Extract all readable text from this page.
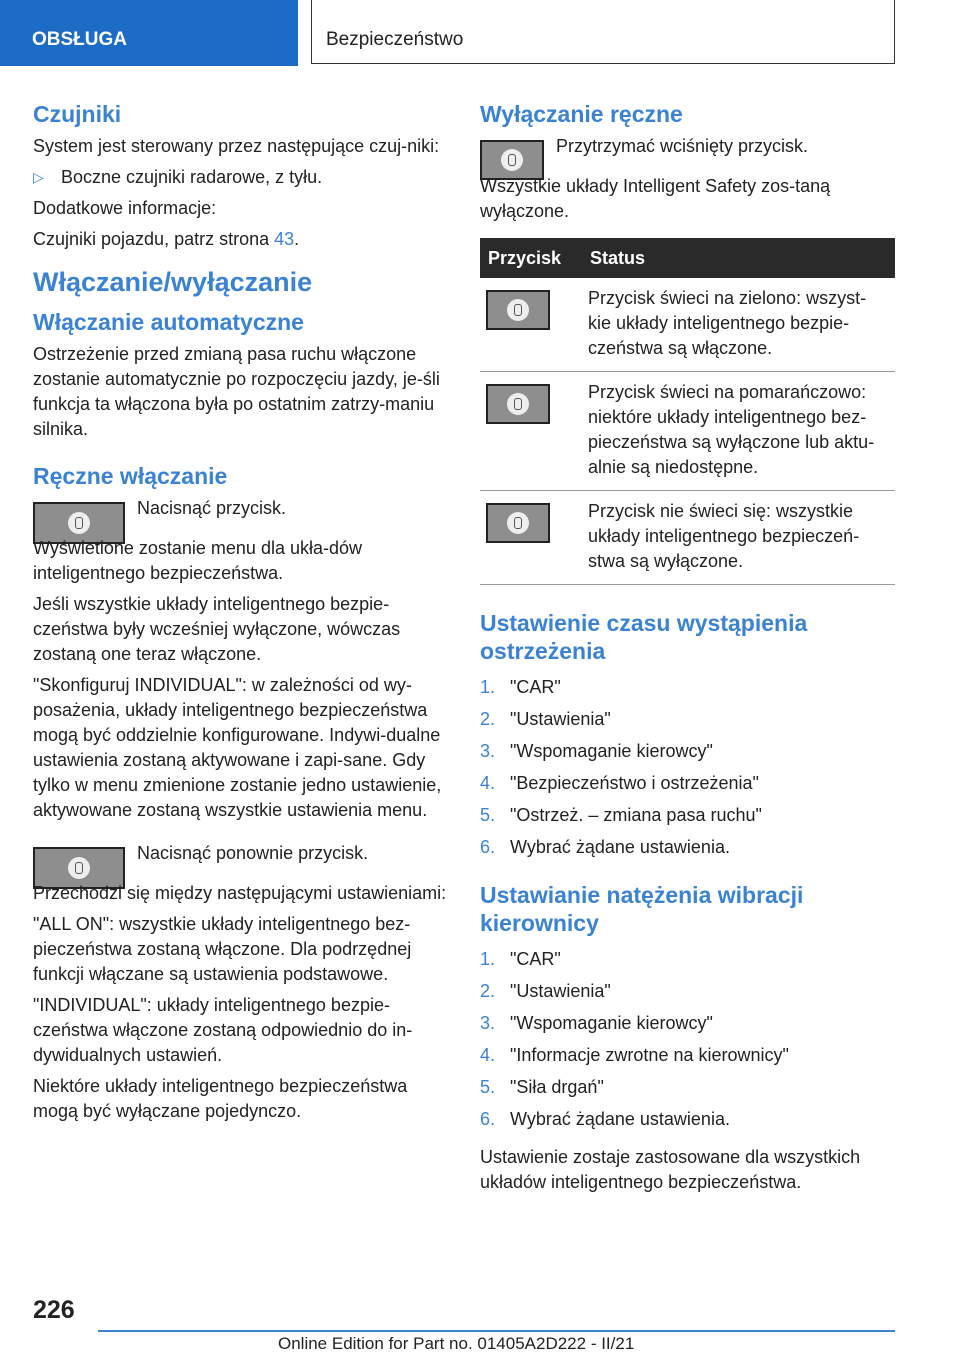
OBSŁUGA	Bezpieczeństwo
Czujniki

System jest sterowany przez następujące czuj-niki:

▷ Boczne czujniki radarowe, z tyłu.

Dodatkowe informacje:

Czujniki pojazdu, patrz strona 43.

Włączanie/wyłączanie
Włączanie automatyczne

Ostrzeżenie przed zmianą pasa ruchu włączone zostanie automatycznie po rozpoczęciu jazdy, je-śli funkcja ta włączona była po ostatnim zatrzy-maniu silnika.

Ręczne włączanie

Nacisnąć przycisk.

Wyświetlone zostanie menu dla ukła-dów inteligentnego bezpieczeństwa.

Jeśli wszystkie układy inteligentnego bezpie-czeństwa były wcześniej wyłączone, wówczas zostaną one teraz włączone.

"Skonfiguruj INDIVIDUAL": w zależności od wy-posażenia, układy inteligentnego bezpieczeństwa mogą być oddzielnie konfigurowane. Indywi-dualne ustawienia zostaną aktywowane i zapi-sane. Gdy tylko w menu zmienione zostanie jedno ustawienie, aktywowane zostaną wszystkie ustawienia menu.

Nacisnąć ponownie przycisk.

Przechodzi się między następującymi ustawieniami:

"ALL ON": wszystkie układy inteligentnego bez-pieczeństwa zostaną włączone. Dla podrzędnej funkcji włączane są ustawienia podstawowe.

"INDIVIDUAL": układy inteligentnego bezpie-czeństwa włączone zostaną odpowiednio do in-dywidualnych ustawień.

Niektóre układy inteligentnego bezpieczeństwa mogą być wyłączane pojedynczo.

Wyłączanie ręczne

Przytrzymać wciśnięty przycisk.

Wszystkie układy Intelligent Safety zos-taną wyłączone.

Przycisk	Status

	Przycisk świeci na zielono: wszyst-kie układy inteligentnego bezpie-czeństwa są włączone.

	Przycisk świeci na pomarańczowo: niektóre układy inteligentnego bez-pieczeństwa są wyłączone lub aktu-alnie są niedostępne.

	Przycisk nie świeci się: wszystkie układy inteligentnego bezpieczeń-stwa są wyłączone.
Ustawienie czasu wystąpienia ostrzeżenia
1. "CAR"
2. "Ustawienia"
3. "Wspomaganie kierowcy"
4. "Bezpieczeństwo i ostrzeżenia"
5. "Ostrzeż. – zmiana pasa ruchu"
6. Wybrać żądane ustawienia.
Ustawianie natężenia wibracji kierownicy
1. "CAR"
2. "Ustawienia"
3. "Wspomaganie kierowcy"
4. "Informacje zwrotne na kierownicy"
5. "Siła drgań"
6. Wybrać żądane ustawienia.

Ustawienie zostaje zastosowane dla wszystkich układów inteligentnego bezpieczeństwa.

226
Online Edition for Part no. 01405A2D222 - II/21
